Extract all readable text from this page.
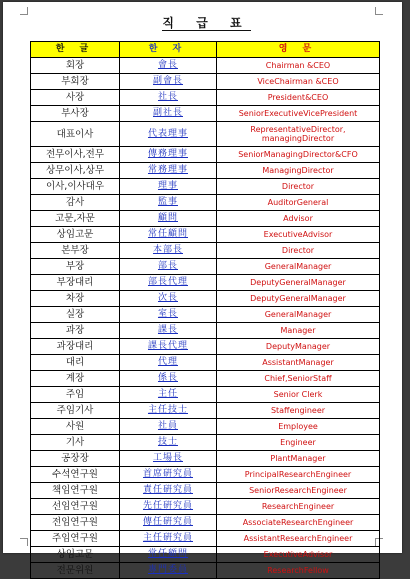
직 급 표
한 글	한 자	영 문
회장	會長	Chairman &CEO
부회장	副會長	ViceChairman &CEO
사장	社長	President&CEO
부사장	副社長	SeniorExecutiveVicePresident
대표이사	代表理事	RepresentativeDirector,
managingDirector

전무이사,전무	傳務理事	SeniorManagingDirector&CFO
상무이사,상무	常務理事	ManagingDirector
이사,이사대우	理事	Director
감사	監事	AuditorGeneral
고문,자문	顧問	Advisor
상임고문	常任顧問	ExecutiveAdvisor
본부장	本部長	Director
부장	部長	GeneralManager
부장대리	部長代理	DeputyGeneralManager
차장	次長	DeputyGeneralManager
실장	室長	GeneralManager
과장	課長	Manager
과장대리	課長代理	DeputyManager
대리	代理	AssistantManager
계장	係長	Chief,SeniorStaff
주임	主任	Senior Clerk
주임기사	主任技士	Staffengineer
사원	社員	Employee
기사	技士	Engineer
공장장	工場長	PlantManager
수석연구원	首席硏究員	PrincipalResearchEngineer
책임연구원	責任硏究員	SeniorResearchEngineer
선임연구원	先任硏究員	ResearchEngineer
전임연구원	傳任硏究員	AssociateResearchEngineer
주임연구원	主任硏究員	AssistantResearchEngineer
상임고문	常任顧問	ExecutiveAdvisor
전문위원	專門委員	ResearchFellow
